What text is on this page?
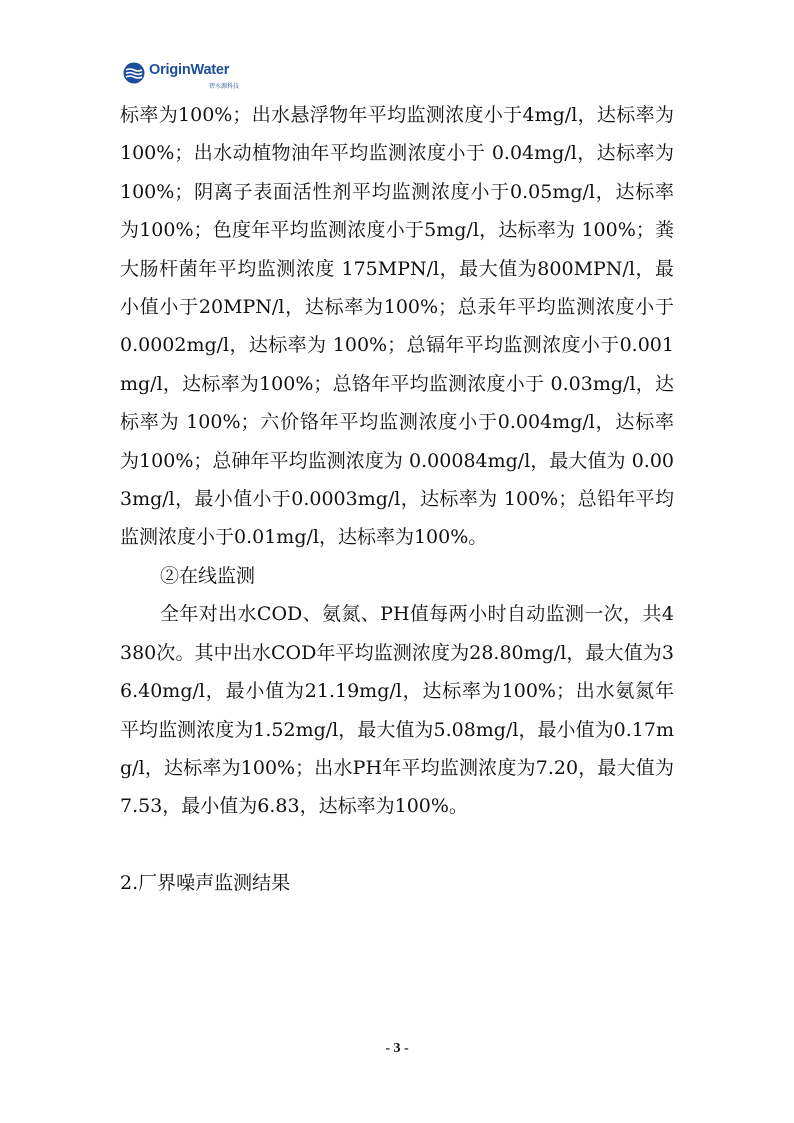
OriginWater
碧水源科技

标率为100%；出水悬浮物年平均监测浓度小于4mg/l，达标率为 100%；出水动植物油年平均监测浓度小于 0.04mg/l，达标率为 100%；阴离子表面活性剂平均监测浓度小于0.05mg/l，达标率为100%；色度年平均监测浓度小于5mg/l，达标率为 100%；粪大肠杆菌年平均监测浓度 175MPN/l，最大值为800MPN/l，最小值小于20MPN/l，达标率为100%；总汞年平均监测浓度小于 0.0002mg/l，达标率为 100%；总镉年平均监测浓度小于0.001mg/l，达标率为100%；总铬年平均监测浓度小于 0.03mg/l，达标率为 100%；六价铬年平均监测浓度小于0.004mg/l，达标率为100%；总砷年平均监测浓度为 0.00084mg/l，最大值为 0.003mg/l，最小值小于0.0003mg/l，达标率为 100%；总铅年平均监测浓度小于0.01mg/l，达标率为100%。

②在线监测

全年对出水COD、氨氮、PH值每两小时自动监测一次，共4380次。其中出水COD年平均监测浓度为28.80mg/l，最大值为36.40mg/l，最小值为21.19mg/l，达标率为100%；出水氨氮年平均监测浓度为1.52mg/l，最大值为5.08mg/l，最小值为0.17mg/l，达标率为100%；出水PH年平均监测浓度为7.20，最大值为7.53，最小值为6.83，达标率为100%。

2.厂界噪声监测结果

- 3 -
